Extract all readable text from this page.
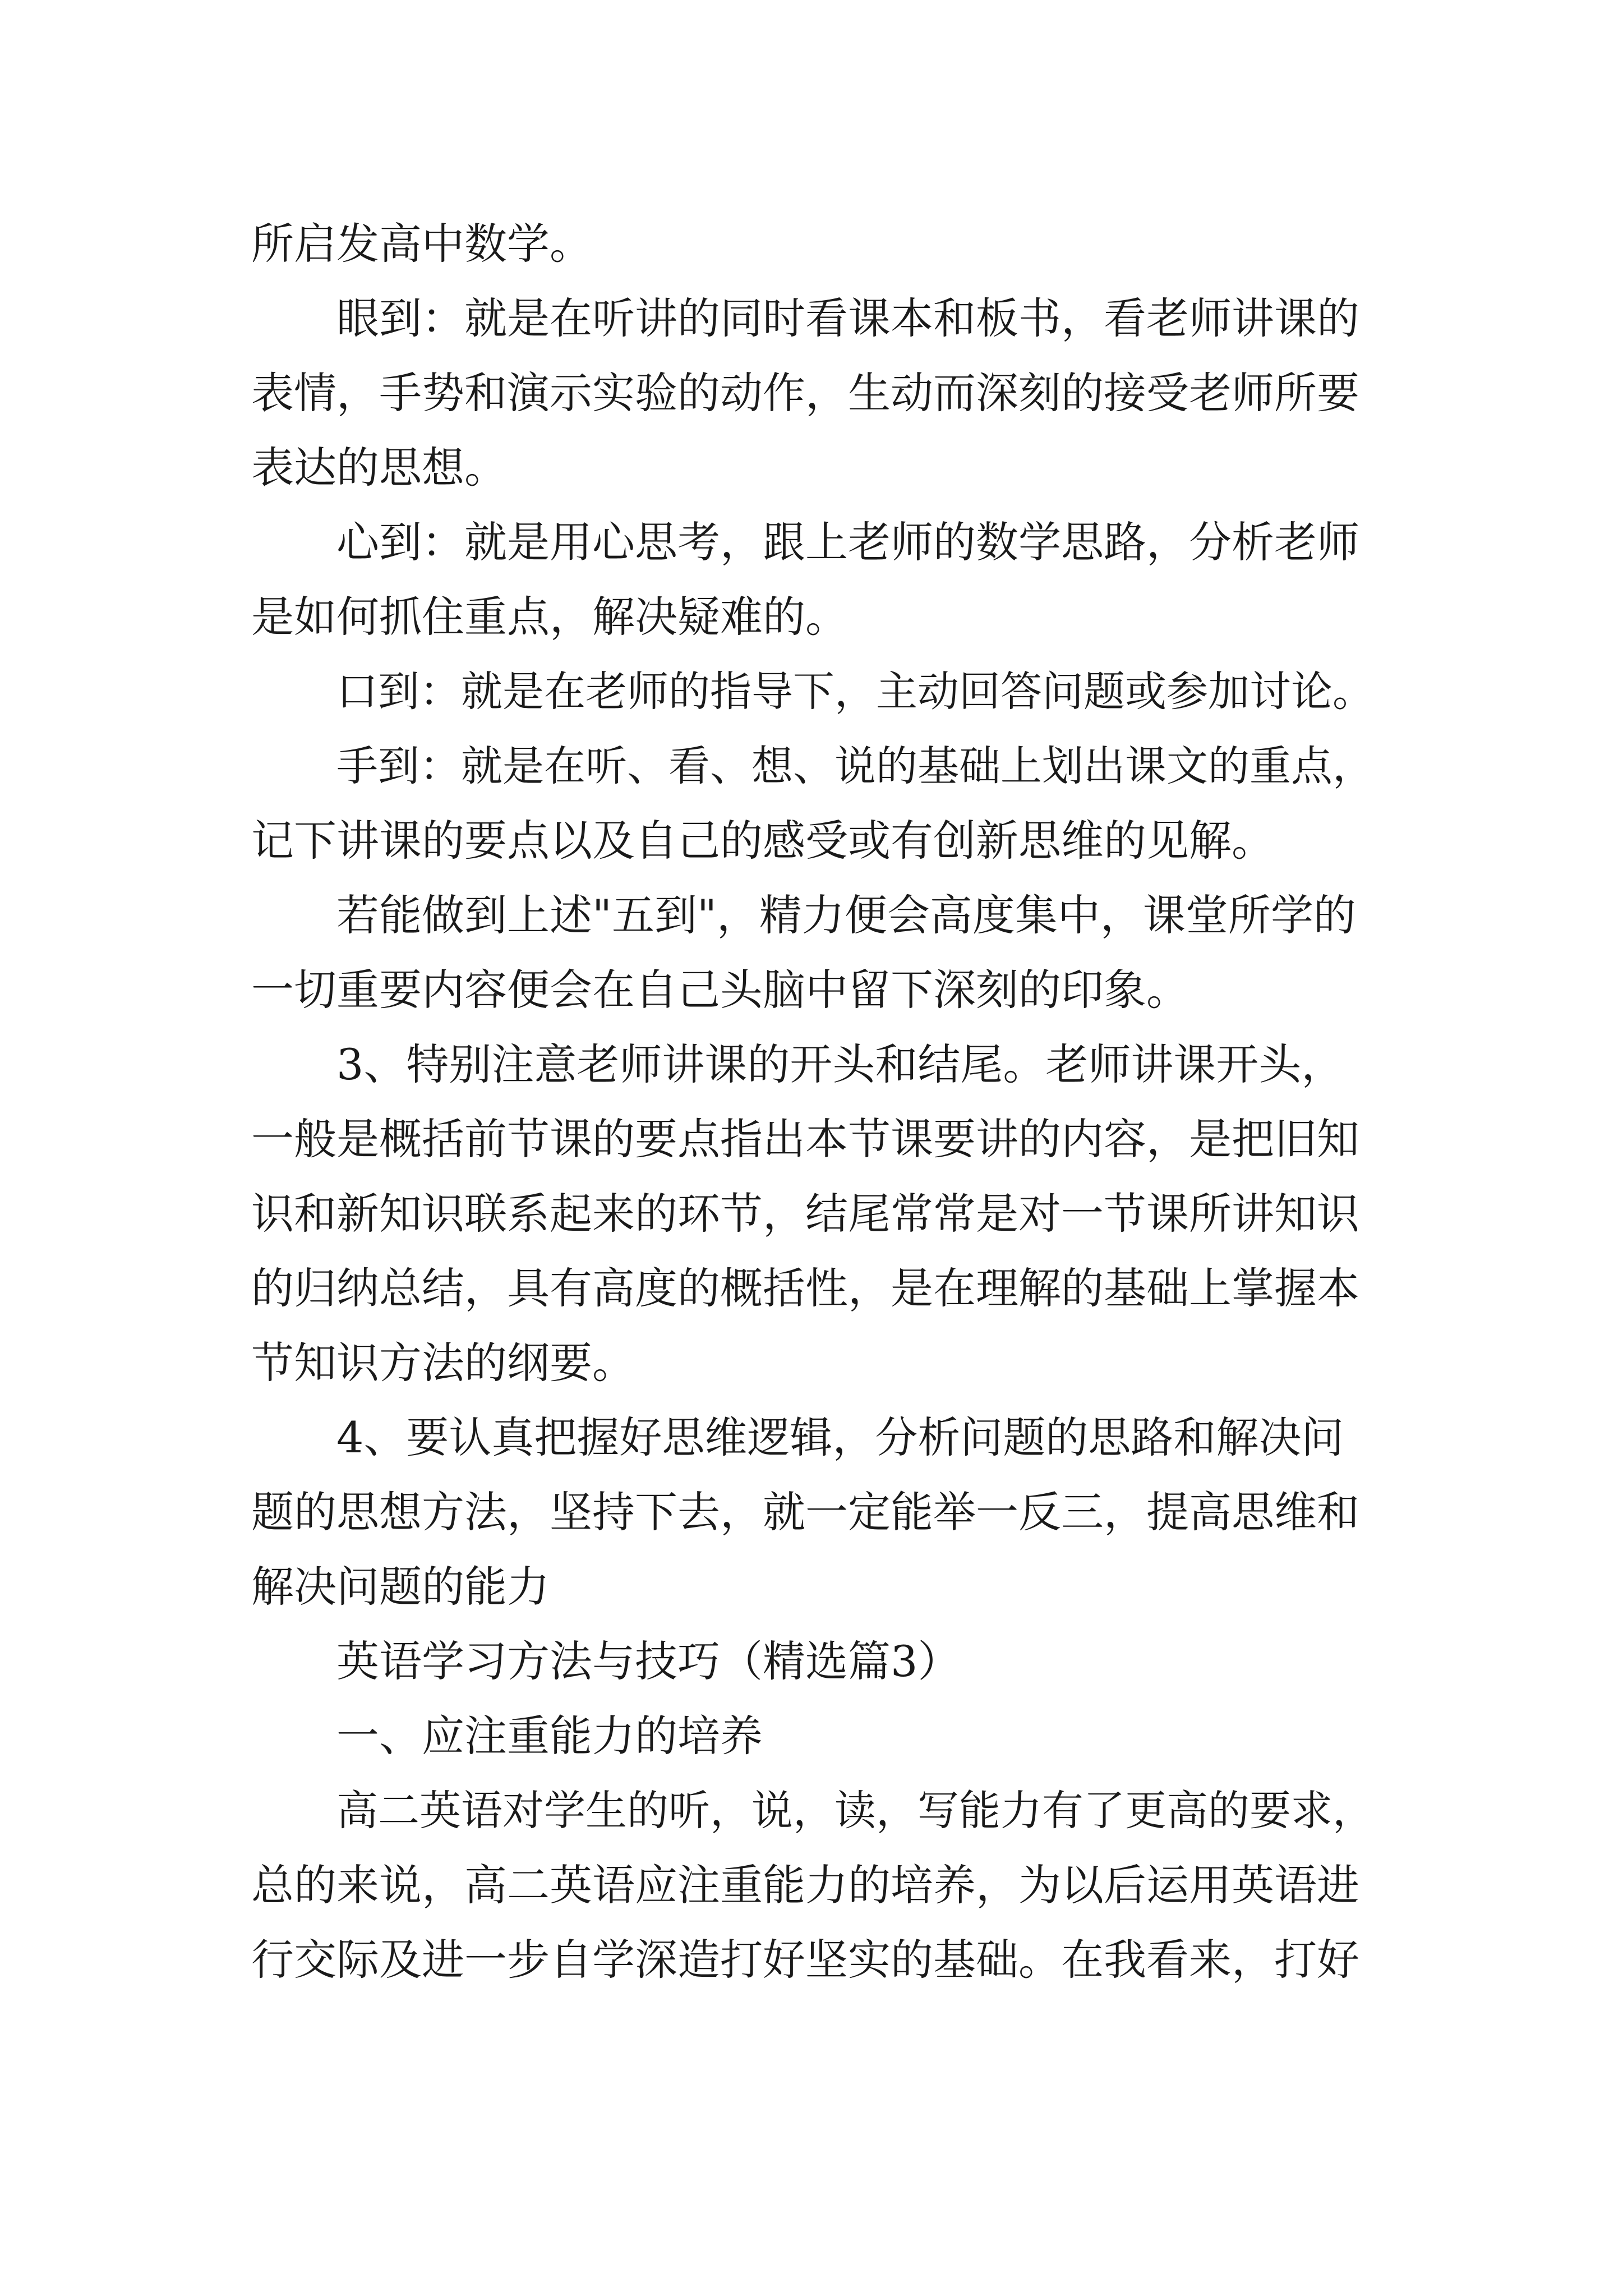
所启发高中数学。

眼到：就是在听讲的同时看课本和板书，看老师讲课的

表情，手势和演示实验的动作，生动而深刻的接受老师所要

表达的思想。

心到：就是用心思考，跟上老师的数学思路，分析老师

是如何抓住重点，解决疑难的。

口到：就是在老师的指导下，主动回答问题或参加讨论。

手到：就是在听、看、想、说的基础上划出课文的重点，

记下讲课的要点以及自己的感受或有创新思维的见解。

若能做到上述"五到"，精力便会高度集中，课堂所学的

一切重要内容便会在自己头脑中留下深刻的印象。

3、特别注意老师讲课的开头和结尾。老师讲课开头，

一般是概括前节课的要点指出本节课要讲的内容，是把旧知

识和新知识联系起来的环节，结尾常常是对一节课所讲知识

的归纳总结，具有高度的概括性，是在理解的基础上掌握本

节知识方法的纲要。

4、要认真把握好思维逻辑，分析问题的思路和解决问

题的思想方法，坚持下去，就一定能举一反三，提高思维和

解决问题的能力

英语学习方法与技巧（精选篇3）

一、应注重能力的培养

高二英语对学生的听，说，读，写能力有了更高的要求，

总的来说，高二英语应注重能力的培养，为以后运用英语进

行交际及进一步自学深造打好坚实的基础。在我看来，打好
